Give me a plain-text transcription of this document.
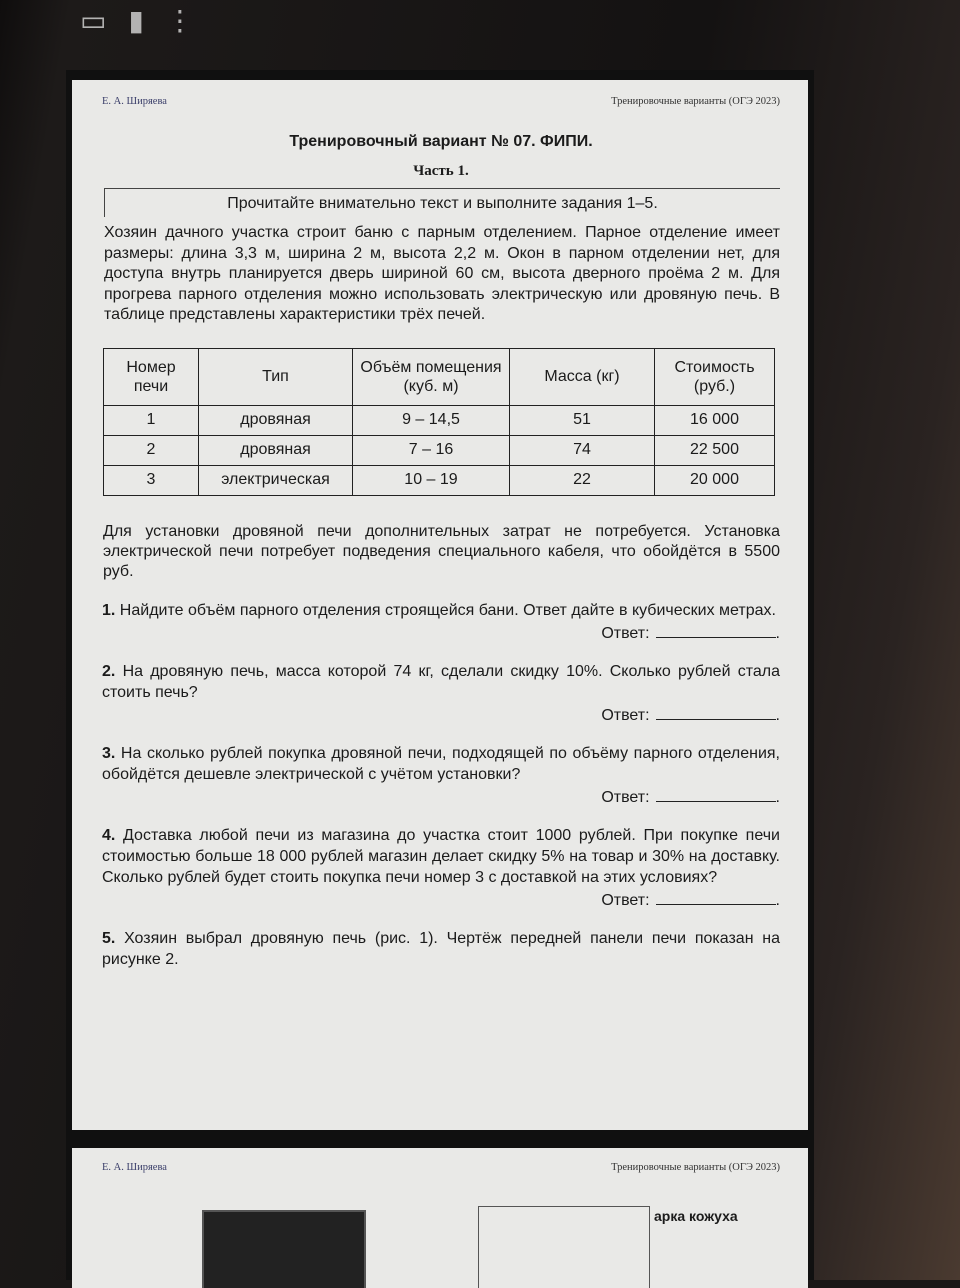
▭ ▮ ⋮
Е. А. Ширяева	Тренировочные варианты (ОГЭ 2023)
Тренировочный вариант № 07. ФИПИ.
Часть 1.
Прочитайте внимательно текст и выполните задания 1–5.
Хозяин дачного участка строит баню с парным отделением. Парное отделение имеет размеры: длина 3,3 м, ширина 2 м, высота 2,2 м. Окон в парном отделении нет, для доступа внутрь планируется дверь шириной 60 см, высота дверного проёма 2 м. Для прогрева парного отделения можно использовать электрическую или дровяную печь. В таблице представлены характеристики трёх печей.
Номер печи	Тип	Объём помещения (куб. м)	Масса (кг)	Стоимость (руб.)
1	дровяная	9 – 14,5	51	16 000
2	дровяная	7 – 16	74	22 500
3	электрическая	10 – 19	22	20 000
Для установки дровяной печи дополнительных затрат не потребуется. Установка электрической печи потребует подведения специального кабеля, что обойдётся в 5500 руб.
1. Найдите объём парного отделения строящейся бани. Ответ дайте в кубических метрах.
Ответ:	.
2. На дровяную печь, масса которой 74 кг, сделали скидку 10%. Сколько рублей стала стоить печь?
Ответ:	.
3. На сколько рублей покупка дровяной печи, подходящей по объёму парного отделения, обойдётся дешевле электрической с учётом установки?
Ответ:	.
4. Доставка любой печи из магазина до участка стоит 1000 рублей. При покупке печи стоимостью больше 18 000 рублей магазин делает скидку 5% на товар и 30% на доставку. Сколько рублей будет стоить покупка печи номер 3 с доставкой на этих условиях?
Ответ:	.
5. Хозяин выбрал дровяную печь (рис. 1). Чертёж передней панели печи показан на рисунке 2.
Е. А. Ширяева	Тренировочные варианты (ОГЭ 2023)
арка кожуха
